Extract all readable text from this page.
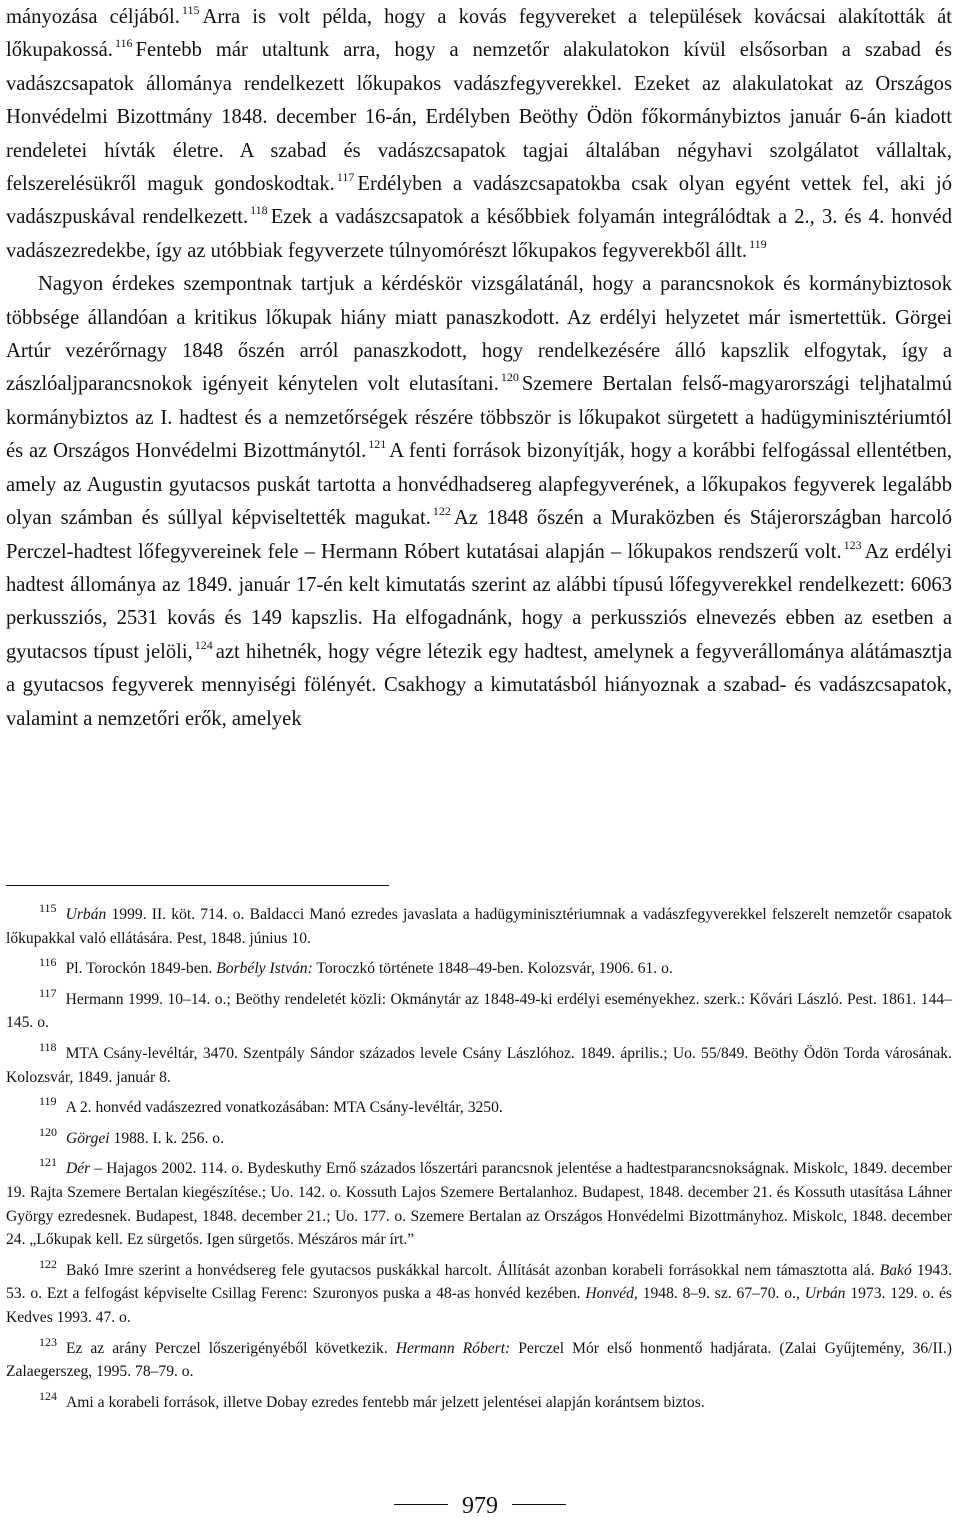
mányozása céljából. $^{115}$ Arra is volt példa, hogy a kovás fegyvereket a települések kovácsai alakították át lőkupakossá. $^{116}$ Fentebb már utaltunk arra, hogy a nemzetőr alakulatokon kívül elsősorban a szabad és vadászcsapatok állománya rendelkezett lőkupakos vadászfegyverekkel. Ezeket az alakulatokat az Országos Honvédelmi Bizottmány 1848. december 16-án, Erdélyben Beöthy Ödön főkormánybiztos január 6-án kiadott rendeletei hívták életre. A szabad és vadászcsapatok tagjai általában négyhavi szolgálatot vállaltak, felszerelésükről maguk gondoskodtak. $^{117}$ Erdélyben a vadászcsapatokba csak olyan egyént vettek fel, aki jó vadászpuskával rendelkezett. $^{118}$ Ezek a vadászcsapatok a későbbiek folyamán integrálódtak a 2., 3. és 4. honvéd vadászezredekbe, így az utóbbiak fegyverzete túlnyomórészt lőkupakos fegyverekből állt. $^{119}$

Nagyon érdekes szempontnak tartjuk a kérdéskör vizsgálatánál, hogy a parancsnokok és kormánybiztosok többsége állandóan a kritikus lőkupak hiány miatt panaszkodott. Az erdélyi helyzetet már ismertettük. Görgei Artúr vezérőrnagy 1848 őszén arról panaszkodott, hogy rendelkezésére álló kapszlik elfogytak, így a zászlóaljparancsnokok igényeit kénytelen volt elutasítani. $^{120}$ Szemere Bertalan felső-magyarországi teljhatalmú kormánybiztos az I. hadtest és a nemzetőrségek részére többször is lőkupakot sürgetett a hadügyminisztériumtól és az Országos Honvédelmi Bizottmánytól. $^{121}$ A fenti források bizonyítják, hogy a korábbi felfogással ellentétben, amely az Augustin gyutacsos puskát tartotta a honvédhadsereg alapfegyverének, a lőkupakos fegyverek legalább olyan számban és súllyal képviseltették magukat. $^{122}$ Az 1848 őszén a Muraközben és Stájerországban harcoló Perczel-hadtest lőfegyvereinek fele – Hermann Róbert kutatásai alapján – lőkupakos rendszerű volt. $^{123}$ Az erdélyi hadtest állománya az 1849. január 17-én kelt kimutatás szerint az alábbi típusú lőfegyverekkel rendelkezett: 6063 perkussziós, 2531 kovás és 149 kapszlis. Ha elfogadnánk, hogy a perkussziós elnevezés ebben az esetben a gyutacsos típust jelöli, $^{124}$ azt hihetnék, hogy végre létezik egy hadtest, amelynek a fegyverállománya alátámasztja a gyutacsos fegyverek mennyiségi fölényét. Csakhogy a kimutatásból hiányoznak a szabad- és vadászcsapatok, valamint a nemzetőri erők, amelyek

$^{115}$ Urbán 1999. II. köt. 714. o. Baldacci Manó ezredes javaslata a hadügyminisztériumnak a vadászfegyverekkel felszerelt nemzetőr csapatok lőkupakkal való ellátására. Pest, 1848. június 10.

$^{116}$ Pl. Torockón 1849-ben. Borbély István: Toroczkó története 1848–49-ben. Kolozsvár, 1906. 61. o.

$^{117}$ Hermann 1999. 10–14. o.; Beöthy rendeletét közli: Okmánytár az 1848-49-ki erdélyi eseményekhez. szerk.: Kővári László. Pest. 1861. 144–145. o.

$^{118}$ MTA Csány-levéltár, 3470. Szentpály Sándor százados levele Csány Lászlóhoz. 1849. április.; Uo. 55/849. Beöthy Ödön Torda városának. Kolozsvár, 1849. január 8.

$^{119}$ A 2. honvéd vadászezred vonatkozásában: MTA Csány-levéltár, 3250.

$^{120}$ Görgei 1988. I. k. 256. o.

$^{121}$ Dér – Hajagos 2002. 114. o. Bydeskuthy Ernő százados lőszertári parancsnok jelentése a hadtestparancsnokságnak. Miskolc, 1849. december 19. Rajta Szemere Bertalan kiegészítése.; Uo. 142. o. Kossuth Lajos Szemere Bertalanhoz. Budapest, 1848. december 21. és Kossuth utasítása Láhner György ezredesnek. Budapest, 1848. december 21.; Uo. 177. o. Szemere Bertalan az Országos Honvédelmi Bizottmányhoz. Miskolc, 1848. december 24. „Lőkupak kell. Ez sürgetős. Igen sürgetős. Mészáros már írt.”

$^{122}$ Bakó Imre szerint a honvédsereg fele gyutacsos puskákkal harcolt. Állítását azonban korabeli forrásokkal nem támasztotta alá. Bakó 1943. 53. o. Ezt a felfogást képviselte Csillag Ferenc: Szuronyos puska a 48-as honvéd kezében. Honvéd, 1948. 8–9. sz. 67–70. o., Urbán 1973. 129. o. és Kedves 1993. 47. o.

$^{123}$ Ez az arány Perczel lőszerigényéből következik. Hermann Róbert: Perczel Mór első honmentő hadjárata. (Zalai Gyűjtemény, 36/II.) Zalaegerszeg, 1995. 78–79. o.

$^{124}$ Ami a korabeli források, illetve Dobay ezredes fentebb már jelzett jelentései alapján korántsem biztos.

979
